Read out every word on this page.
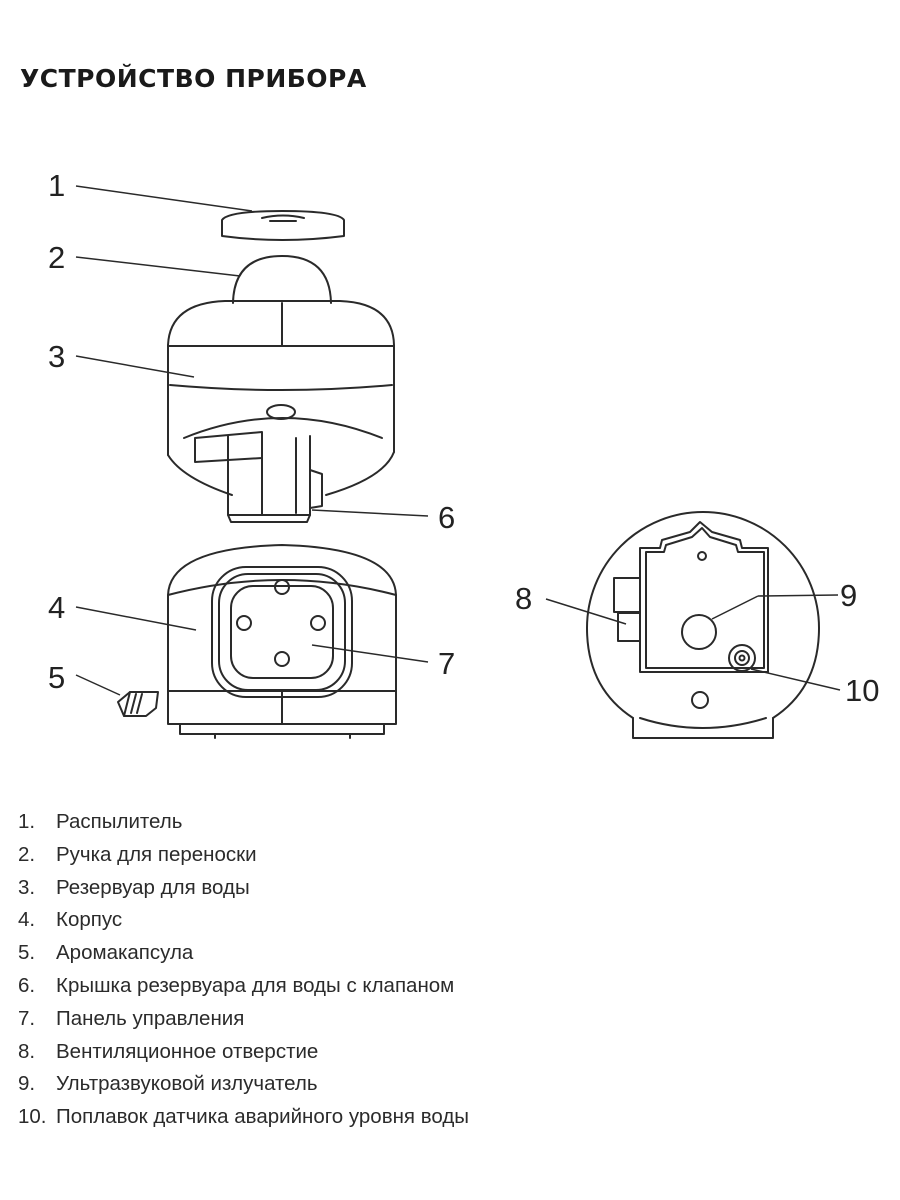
УСТРОЙСТВО ПРИБОРА
1
2
3
4
5
6
7
8	9
10
1. Распылитель
2. Ручка для переноски
3. Резервуар для воды
4. Корпус
5. Аромакапсула
6. Крышка резервуара для воды с клапаном
7. Панель управления
8. Вентиляционное отверстие
9. Ультразвуковой излучатель
10. Поплавок датчика аварийного уровня воды
